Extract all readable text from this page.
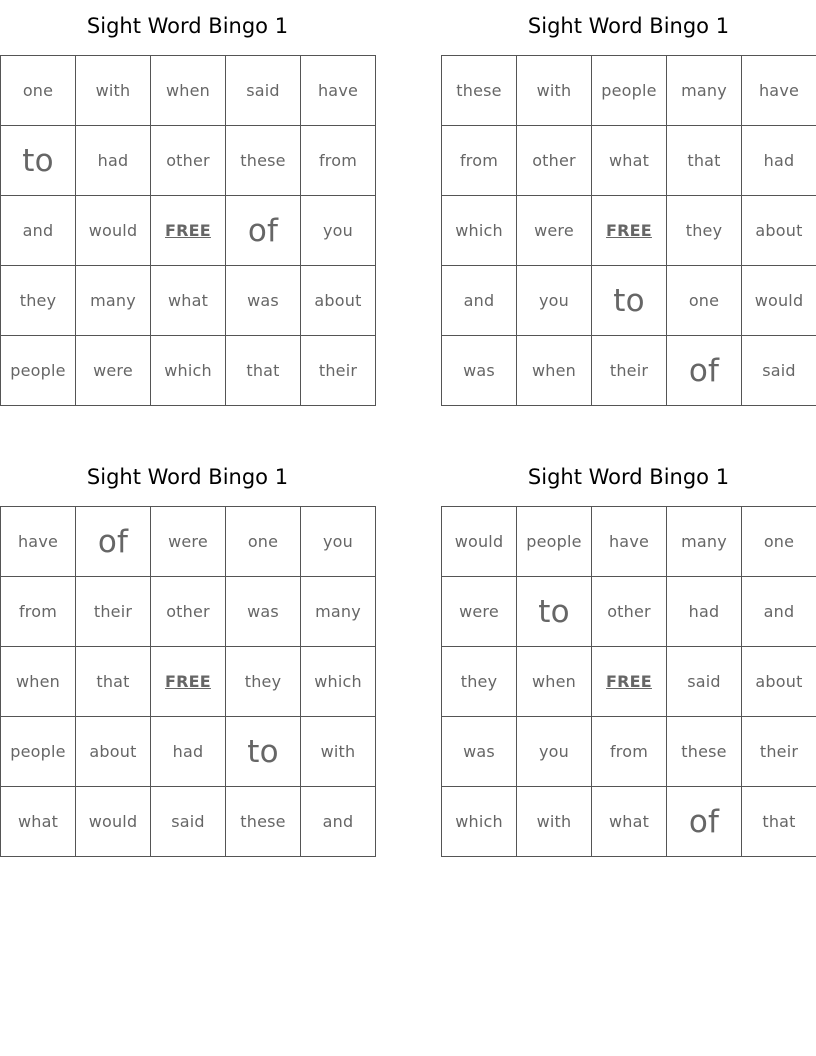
Sight Word Bingo 1
one	with	when	said	have
to	had	other	these	from
and	would	FREE	of	you
they	many	what	was	about
people	were	which	that	their
Sight Word Bingo 1
these	with	people	many	have
from	other	what	that	had
which	were	FREE	they	about
and	you	to	one	would
was	when	their	of	said
Sight Word Bingo 1
have	of	were	one	you
from	their	other	was	many
when	that	FREE	they	which
people	about	had	to	with
what	would	said	these	and
Sight Word Bingo 1
would	people	have	many	one
were	to	other	had	and
they	when	FREE	said	about
was	you	from	these	their
which	with	what	of	that
